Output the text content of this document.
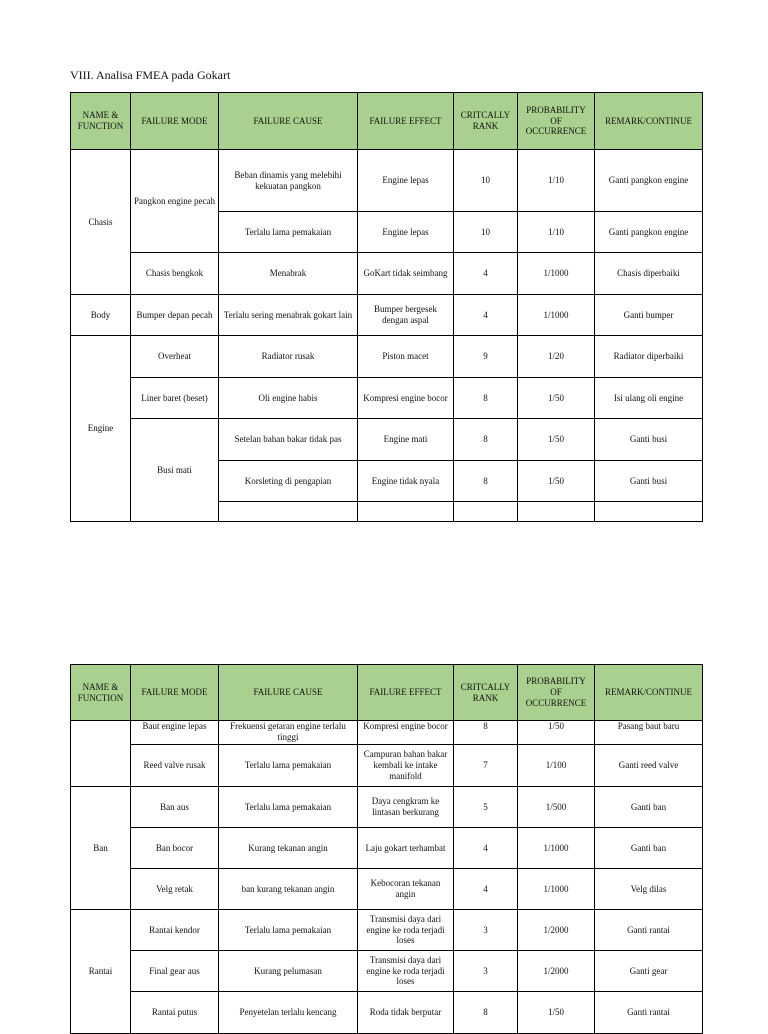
VIII. Analisa FMEA pada Gokart
NAME & FUNCTION	FAILURE MODE	FAILURE CAUSE	FAILURE EFFECT	CRITCALLY RANK	PROBABILITY OF OCCURRENCE	REMARK/CONTINUE
Chasis	Pangkon engine pecah	Beban dinamis yang melebihi kekuatan pangkon	Engine lepas	10	1/10	Ganti pangkon engine
		Terlalu lama pemakaian	Engine lepas	10	1/10	Ganti pangkon engine
	Chasis bengkok	Menabrak	GoKart tidak seimbang	4	1/1000	Chasis diperbaiki
Body	Bumper depan pecah	Terlalu sering menabrak gokart lain	Bumper bergesek dengan aspal	4	1/1000	Ganti bumper
Engine	Overheat	Radiator rusak	Piston macet	9	1/20	Radiator diperbaiki
	Liner baret (beset)	Oli engine habis	Kompresi engine bocor	8	1/50	Isi ulang oli engine
	Busi mati	Setelan bahan bakar tidak pas	Engine mati	8	1/50	Ganti busi
		Korsleting di pengapian	Engine tidak nyala	8	1/50	Ganti busi

NAME & FUNCTION	FAILURE MODE	FAILURE CAUSE	FAILURE EFFECT	CRITCALLY RANK	PROBABILITY OF OCCURRENCE	REMARK/CONTINUE
	Baut engine lepas	Frekuensi getaran engine terlalu tinggi	Kompresi engine bocor	8	1/50	Pasang baut baru
	Reed valve rusak	Terlalu lama pemakaian	Campuran bahan bakar kembali ke intake manifold	7	1/100	Ganti reed valve
Ban	Ban aus	Terlalu lama pemakaian	Daya cengkram ke lintasan berkurang	5	1/500	Ganti ban
	Ban bocor	Kurang tekanan angin	Laju gokart terhambat	4	1/1000	Ganti ban
	Velg retak	ban kurang tekanan angin	Kebocoran tekanan angin	4	1/1000	Velg dilas
Rantai	Rantai kendor	Terlalu lama pemakaian	Transmisi daya dari engine ke roda terjadi loses	3	1/2000	Ganti rantai
	Final gear aus	Kurang pelumasan	Transmisi daya dari engine ke roda terjadi loses	3	1/2000	Ganti gear
	Rantai putus	Penyetelan terlalu kencang	Roda tidak berputar	8	1/50	Ganti rantai
